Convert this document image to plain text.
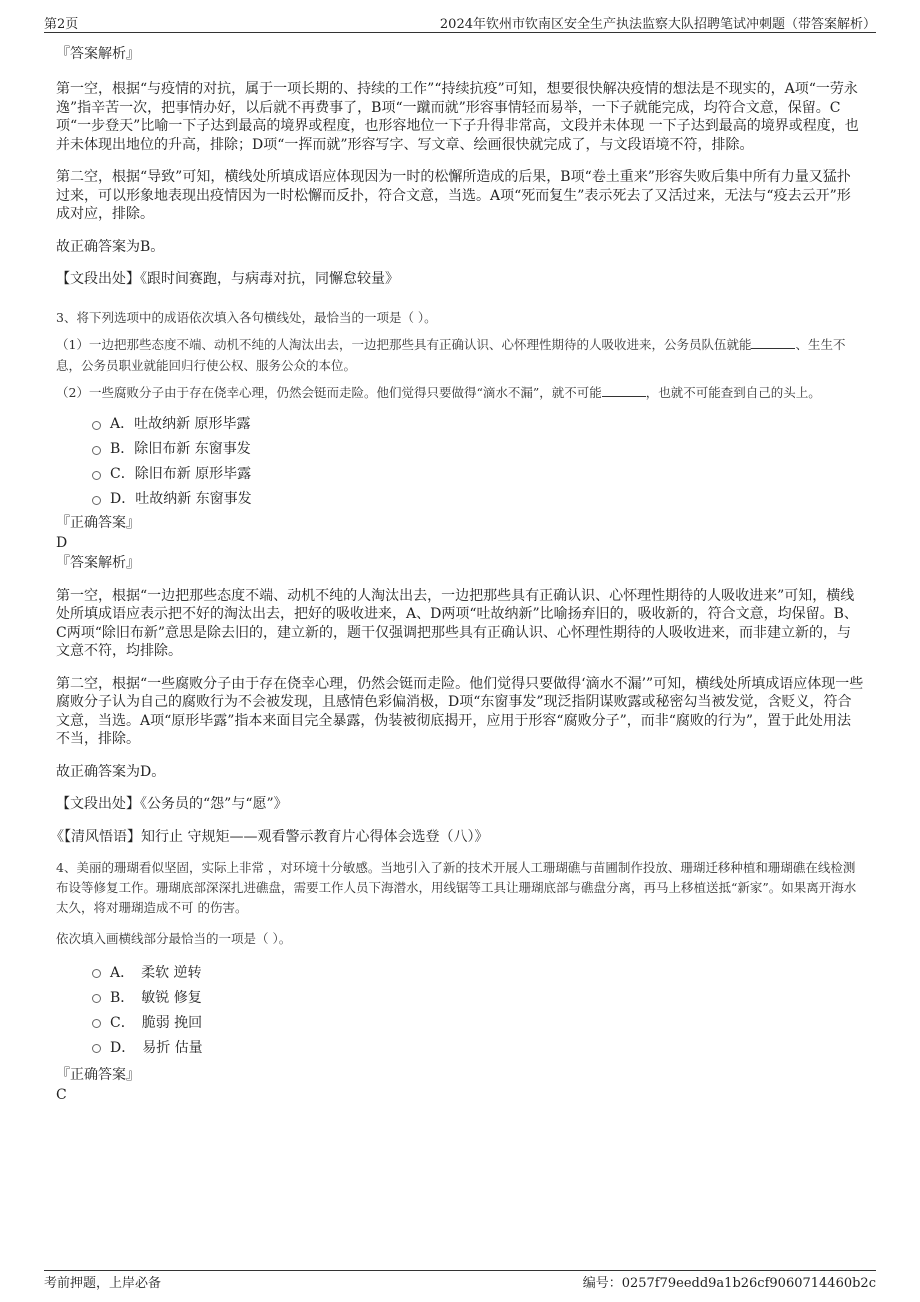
第2页	2024年钦州市钦南区安全生产执法监察大队招聘笔试冲刺题（带答案解析）

『答案解析』

第一空，根据“与疫情的对抗，属于一项长期的、持续的工作”“持续抗疫”可知，想要很快解决疫情的想法是不现实的，A项“一劳永逸”指辛苦一次，把事情办好，以后就不再费事了，B项“一蹴而就”形容事情轻而易举，一下子就能完成，均符合文意，保留。C项“一步登天”比喻一下子达到最高的境界或程度，也形容地位一下子升得非常高，文段并未体现 一下子达到最高的境界或程度，也并未体现出地位的升高，排除；D项“一挥而就”形容写字、写文章、绘画很快就完成了，与文段语境不符，排除。

第二空，根据“导致”可知，横线处所填成语应体现因为一时的松懈所造成的后果，B项“卷土重来”形容失败后集中所有力量又猛扑过来，可以形象地表现出疫情因为一时松懈而反扑，符合文意，当选。A项“死而复生”表示死去了又活过来，无法与“疫去云开”形成对应，排除。

故正确答案为B。

【文段出处】《跟时间赛跑，与病毒对抗，同懈怠较量》

3、将下列选项中的成语依次填入各句横线处，最恰当的一项是（ ）。

（1）一边把那些态度不端、动机不纯的人淘汰出去，一边把那些具有正确认识、心怀理性期待的人吸收进来，公务员队伍就能	、生生不息，公务员职业就能回归行使公权、服务公众的本位。

（2）一些腐败分子由于存在侥幸心理，仍然会铤而走险。他们觉得只要做得“滴水不漏”，就不可能	，也就不可能查到自己的头上。

A．吐故纳新 原形毕露
B．除旧布新 东窗事发
C．除旧布新 原形毕露
D．吐故纳新 东窗事发

『正确答案』

D

『答案解析』

第一空，根据“一边把那些态度不端、动机不纯的人淘汰出去，一边把那些具有正确认识、心怀理性期待的人吸收进来”可知，横线处所填成语应表示把不好的淘汰出去，把好的吸收进来，A、D两项“吐故纳新”比喻扬弃旧的，吸收新的，符合文意，均保留。B、C两项“除旧布新”意思是除去旧的，建立新的，题干仅强调把那些具有正确认识、心怀理性期待的人吸收进来，而非建立新的，与文意不符，均排除。

第二空，根据“一些腐败分子由于存在侥幸心理，仍然会铤而走险。他们觉得只要做得‘滴水不漏’”可知，横线处所填成语应体现一些腐败分子认为自己的腐败行为不会被发现，且感情色彩偏消极，D项“东窗事发”现泛指阴谋败露或秘密勾当被发觉，含贬义，符合文意，当选。A项“原形毕露”指本来面目完全暴露，伪装被彻底揭开，应用于形容“腐败分子”，而非“腐败的行为”，置于此处用法不当，排除。

故正确答案为D。

【文段出处】《公务员的“怨”与“愿”》

《【清风悟语】知行止 守规矩——观看警示教育片心得体会选登（八）》

4、美丽的珊瑚看似坚固，实际上非常 ，对环境十分敏感。当地引入了新的技术开展人工珊瑚礁与苗圃制作投放、珊瑚迁移种植和珊瑚礁在线检测布设等修复工作。珊瑚底部深深扎进礁盘，需要工作人员下海潜水，用线锯等工具让珊瑚底部与礁盘分离，再马上移植送抵“新家”。如果离开海水太久，将对珊瑚造成不可 的伤害。

依次填入画横线部分最恰当的一项是（ ）。

A．　柔软 逆转
B．　敏锐 修复
C．　脆弱 挽回
D．　易折 估量

『正确答案』

C

考前押题，上岸必备	编号：0257f79eedd9a1b26cf9060714460b2c
